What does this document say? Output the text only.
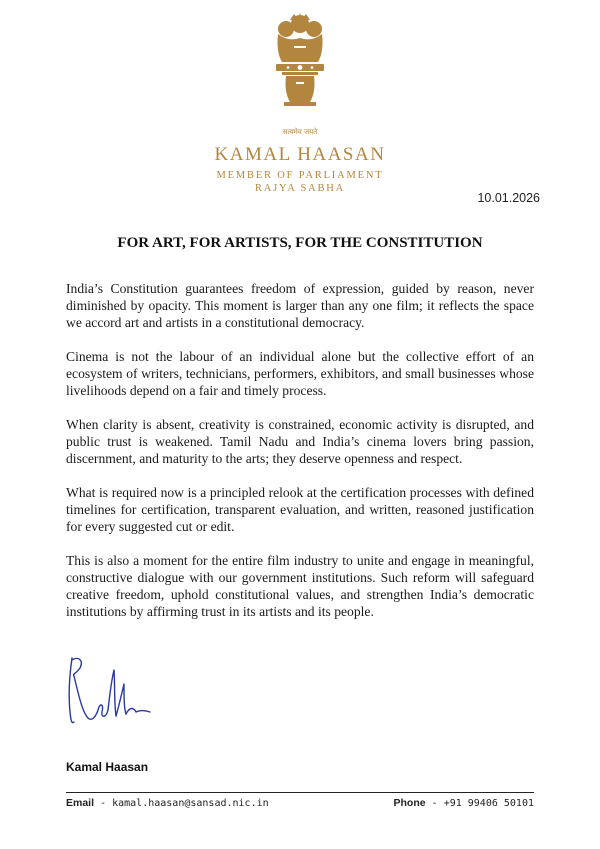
सत्यमेव जयते
KAMAL HAASAN
MEMBER OF PARLIAMENT
RAJYA SABHA
10.01.2026
FOR ART, FOR ARTISTS, FOR THE CONSTITUTION

India’s Constitution guarantees freedom of expression, guided by reason, never diminished by opacity. This moment is larger than any one film; it reflects the space we accord art and artists in a constitutional democracy.

Cinema is not the labour of an individual alone but the collective effort of an ecosystem of writers, technicians, performers, exhibitors, and small businesses whose livelihoods depend on a fair and timely process.

When clarity is absent, creativity is constrained, economic activity is disrupted, and public trust is weakened. Tamil Nadu and India’s cinema lovers bring passion, discernment, and maturity to the arts; they deserve openness and respect.

What is required now is a principled relook at the certification processes with defined timelines for certification, transparent evaluation, and written, reasoned justification for every suggested cut or edit.

This is also a moment for the entire film industry to unite and engage in meaningful, constructive dialogue with our government institutions. Such reform will safeguard creative freedom, uphold constitutional values, and strengthen India’s democratic institutions by affirming trust in its artists and its people.

Kamal Haasan
Email - kamal.haasan@sansad.nic.in	Phone - +91 99406 50101
